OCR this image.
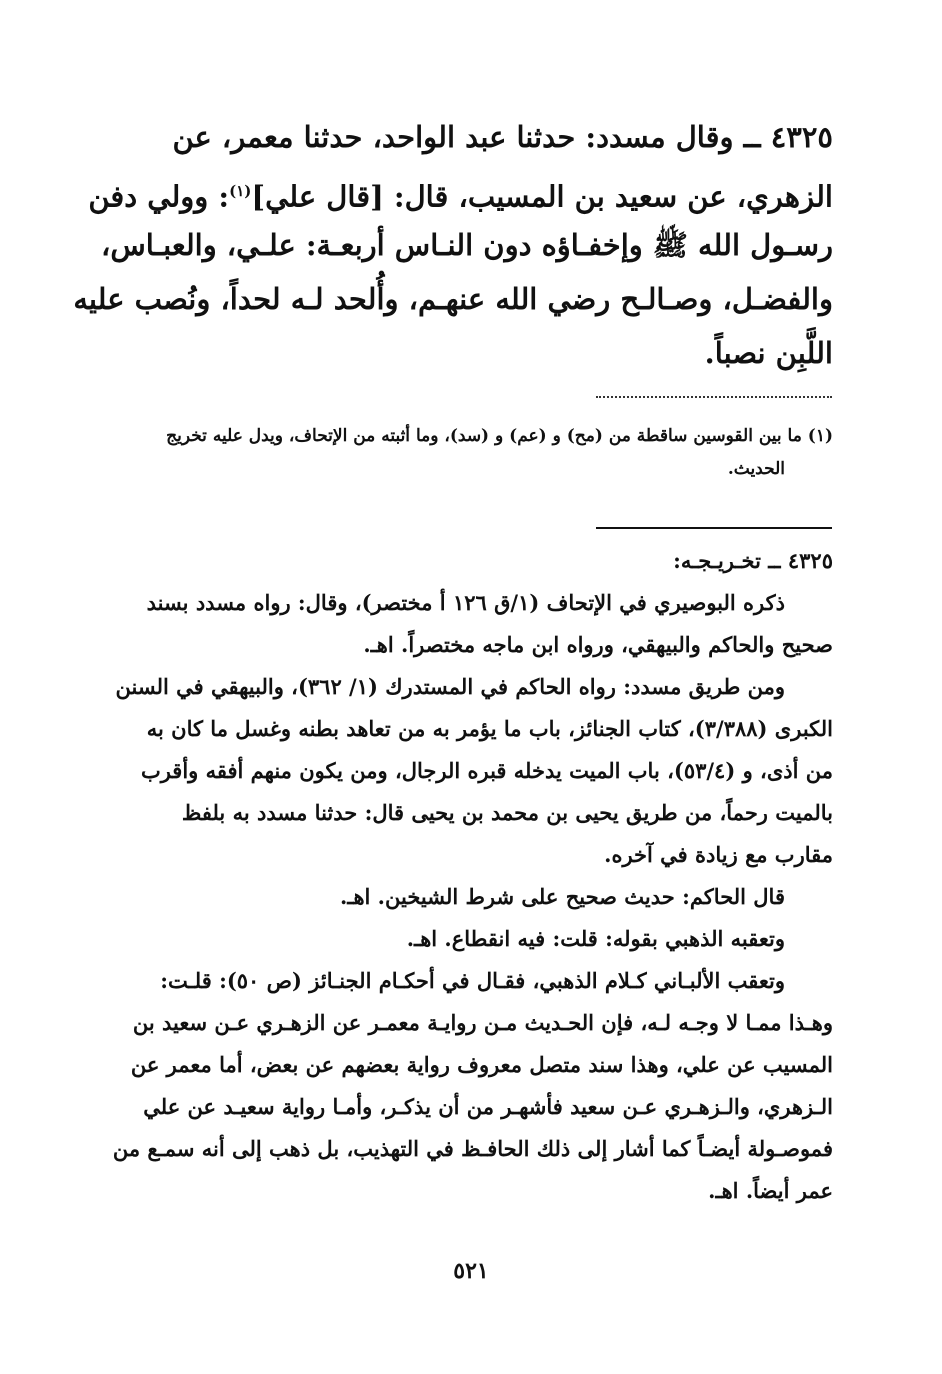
٤٣٢٥ ــ وقال مسدد: حدثنا عبد الواحد، حدثنا معمر، عن
الزهري، عن سعيد بن المسيب، قال: [قال علي]$^{(١)}$: وولي دفن
رسـول الله ﷺ وإخفـاؤه دون النـاس أربعـة: علـي، والعبـاس،
والفضـل، وصـالـح رضي الله عنهـم، وأُلحد لـه لحداً، ونُصب عليه
اللَّبِن نصباً.
(١) ما بين القوسين ساقطة من (مح) و (عم) و (سد)، وما أثبته من الإتحاف، ويدل عليه تخريج
الحديث.
٤٣٢٥ ــ تخـريـجـه:
ذكره البوصيري في الإتحاف (١/ق ١٢٦ أ مختصر)، وقال: رواه مسدد بسند
صحيح والحاكم والبيهقي، ورواه ابن ماجه مختصراً. اهـ.
ومن طريق مسدد: رواه الحاكم في المستدرك (١/ ٣٦٢)، والبيهقي في السنن
الكبرى (٣/٣٨٨)، كتاب الجنائز، باب ما يؤمر به من تعاهد بطنه وغسل ما كان به
من أذى، و (٥٣/٤)، باب الميت يدخله قبره الرجال، ومن يكون منهم أفقه وأقرب
بالميت رحماً، من طريق يحيى بن محمد بن يحيى قال: حدثنا مسدد به بلفظ
مقارب مع زيادة في آخره.
قال الحاكم: حديث صحيح على شرط الشيخين. اهـ.
وتعقبه الذهبي بقوله: قلت: فيه انقطاع. اهـ.
وتعقب الألبـاني كـلام الذهبي، فقـال في أحكـام الجنـائز (ص ٥٠): قلـت:
وهـذا ممـا لا وجـه لـه، فإن الحـديث مـن روايـة معمـر عن الزهـري عـن سعيد بن
المسيب عن علي، وهذا سند متصل معروف رواية بعضهم عن بعض، أما معمر عن
الـزهري، والـزهـري عـن سعيد فأشهـر من أن يذكـر، وأمـا رواية سعيـد عن علي
فموصـولة أيضـاً كما أشار إلى ذلك الحافـظ في التهذيب، بل ذهب إلى أنه سمـع من
عمر أيضاً. اهـ.
٥٢١
